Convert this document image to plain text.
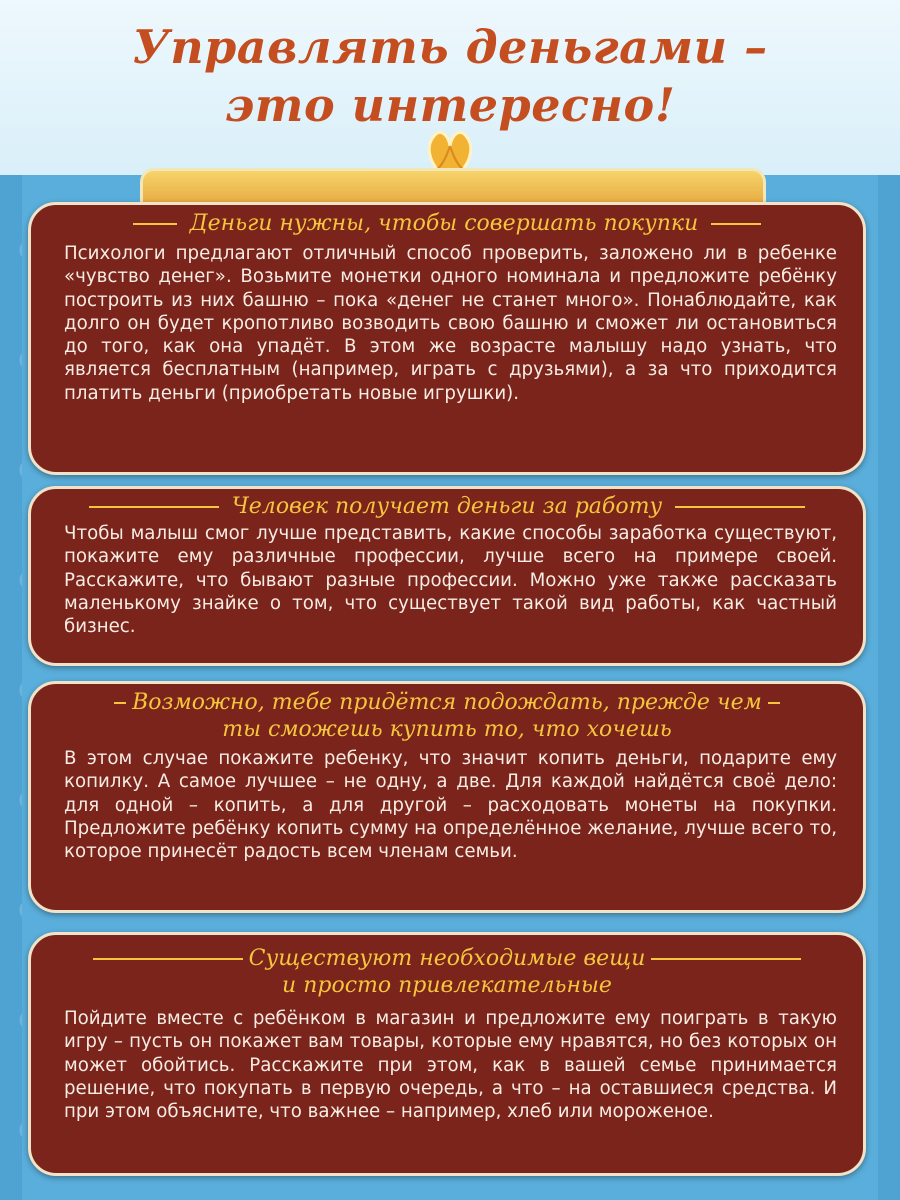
Управлять деньгами –
это интересно!
Деньги нужны, чтобы совершать покупки
Психологи предлагают отличный способ проверить, заложено ли в ребенке «чувство денег». Возьмите монетки одного номинала и предложите ребёнку построить из них башню – пока «денег не станет много». Понаблюдайте, как долго он будет кропотливо возводить свою башню и сможет ли остановиться до того, как она упадёт. В этом же возрасте малышу надо узнать, что является бесплатным (например, играть с друзьями), а за что приходится платить деньги (приобретать новые игрушки).
Человек получает деньги за работу
Чтобы малыш смог лучше представить, какие способы заработка существуют, покажите ему различные профессии, лучше всего на примере своей. Расскажите, что бывают разные профессии. Можно уже также рассказать маленькому знайке о том, что существует такой вид работы, как частный бизнес.
Возможно, тебе придётся подождать, прежде чем
ты сможешь купить то, что хочешь
В этом случае покажите ребенку, что значит копить деньги, подарите ему копилку. А самое лучшее – не одну, а две. Для каждой найдётся своё дело: для одной – копить, а для другой – расходовать монеты на покупки. Предложите ребёнку копить сумму на определённое желание, лучше всего то, которое принесёт радость всем членам семьи.
Существуют необходимые вещи
и просто привлекательные
Пойдите вместе с ребёнком в магазин и предложите ему поиграть в такую игру – пусть он покажет вам товары, которые ему нравятся, но без которых он может обойтись. Расскажите при этом, как в вашей семье принимается решение, что покупать в первую очередь, а что – на оставшиеся средства. И при этом объясните, что важнее – например, хлеб или мороженое.
